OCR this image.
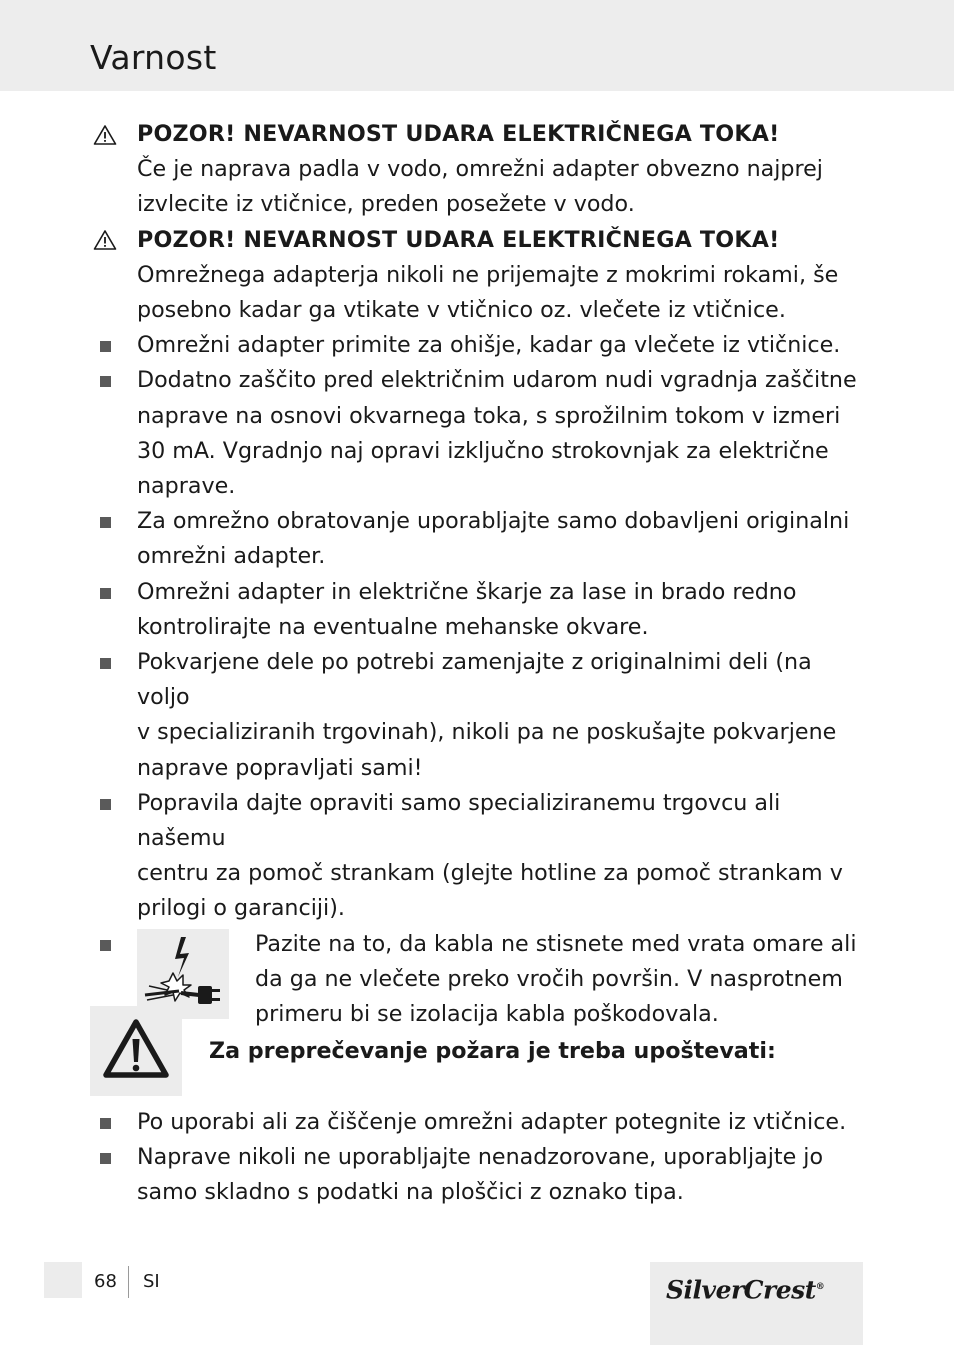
Varnost
POZOR! NEVARNOST UDARA ELEKTRIČNEGA TOKA!
Če je naprava padla v vodo, omrežni adapter obvezno najprej
izvlecite iz vtičnice, preden posežete v vodo.
POZOR! NEVARNOST UDARA ELEKTRIČNEGA TOKA!
Omrežnega adapterja nikoli ne prijemajte z mokrimi rokami, še
posebno kadar ga vtikate v vtičnico oz. vlečete iz vtičnice.
Omrežni adapter primite za ohišje, kadar ga vlečete iz vtičnice.
Dodatno zaščito pred električnim udarom nudi vgradnja zaščitne
naprave na osnovi okvarnega toka, s sprožilnim tokom v izmeri
30 mA. Vgradnjo naj opravi izključno strokovnjak za električne
naprave.
Za omrežno obratovanje uporabljajte samo dobavljeni originalni
omrežni adapter.
Omrežni adapter in električne škarje za lase in brado redno
kontrolirajte na eventualne mehanske okvare.
Pokvarjene dele po potrebi zamenjajte z originalnimi deli (na voljo
v specializiranih trgovinah), nikoli pa ne poskušajte pokvarjene
naprave popravljati sami!
Popravila dajte opraviti samo specializiranemu trgovcu ali našemu
centru za pomoč strankam (glejte hotline za pomoč strankam v
prilogi o garanciji).
Pazite na to, da kabla ne stisnete med vrata omare ali
da ga ne vlečete preko vročih površin. V nasprotnem
primeru bi se izolacija kabla poškodovala.
Za preprečevanje požara je treba upoštevati:
Po uporabi ali za čiščenje omrežni adapter potegnite iz vtičnice.
Naprave nikoli ne uporabljajte nenadzorovane, uporabljajte jo
samo skladno s podatki na ploščici z oznako tipa.
68 SI	SilverCrest®
